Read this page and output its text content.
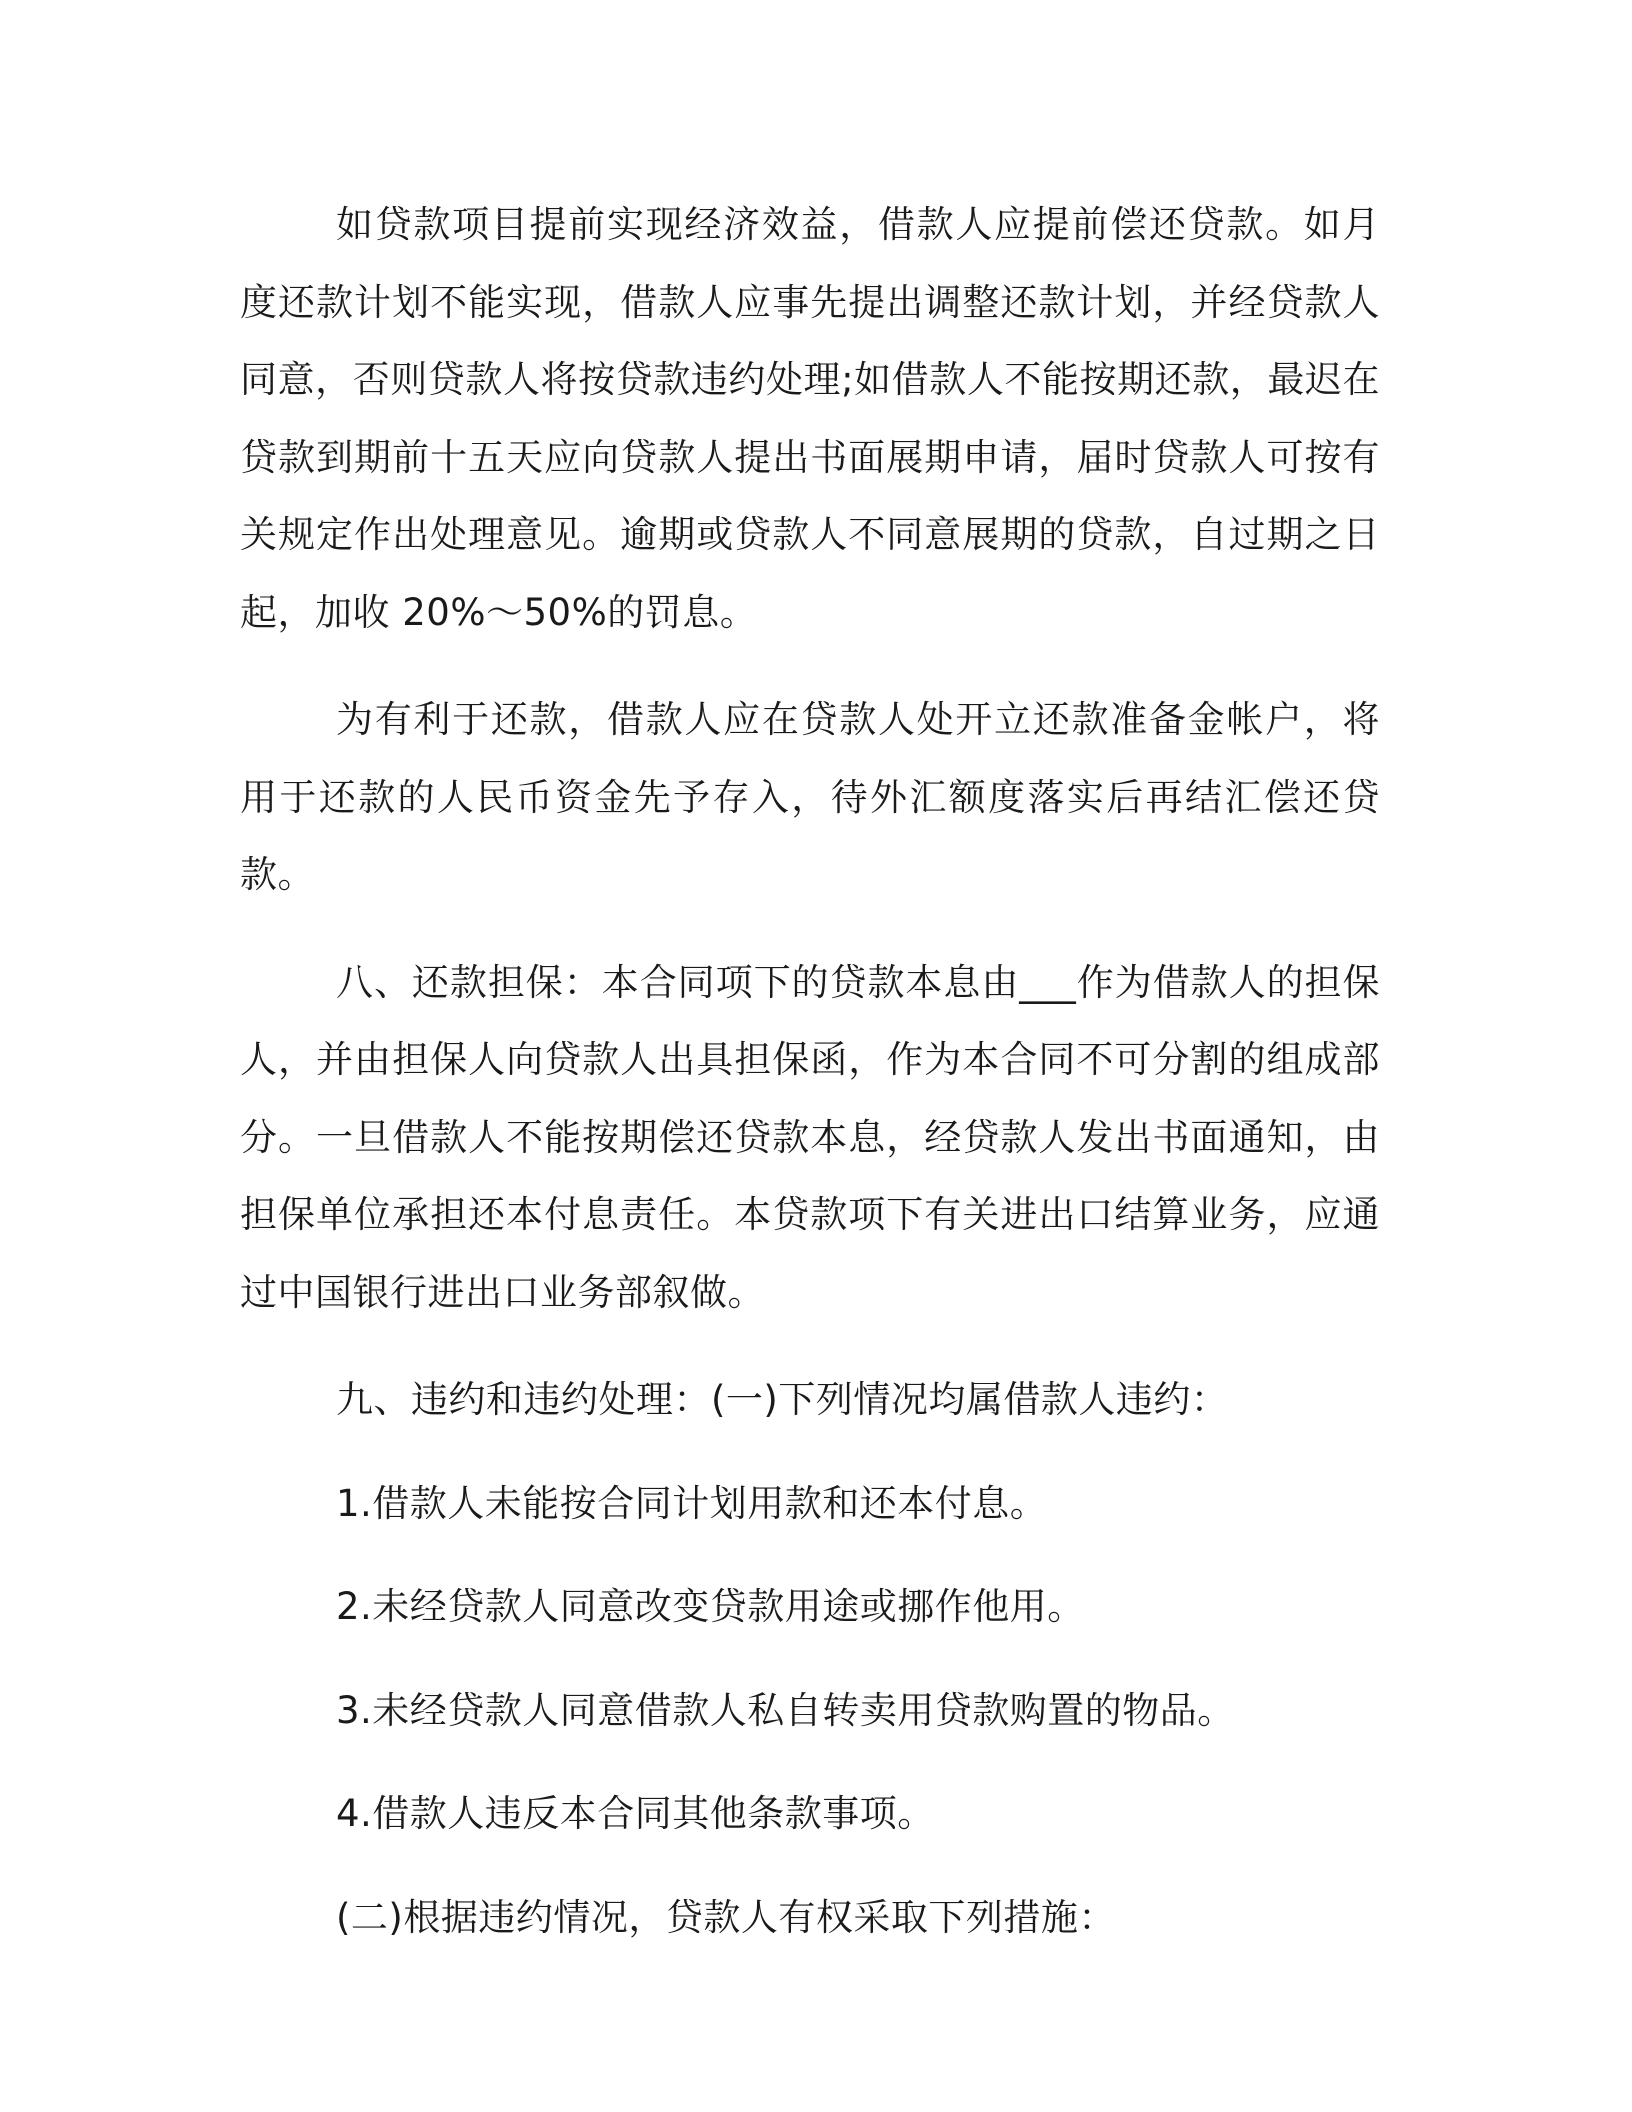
如贷款项目提前实现经济效益，借款人应提前偿还贷款。如月度还款计划不能实现，借款人应事先提出调整还款计划，并经贷款人同意，否则贷款人将按贷款违约处理;如借款人不能按期还款，最迟在贷款到期前十五天应向贷款人提出书面展期申请，届时贷款人可按有关规定作出处理意见。逾期或贷款人不同意展期的贷款，自过期之日起，加收 20%～50%的罚息。

为有利于还款，借款人应在贷款人处开立还款准备金帐户，将用于还款的人民币资金先予存入，待外汇额度落实后再结汇偿还贷款。

八、还款担保：本合同项下的贷款本息由___作为借款人的担保人，并由担保人向贷款人出具担保函，作为本合同不可分割的组成部分。一旦借款人不能按期偿还贷款本息，经贷款人发出书面通知，由担保单位承担还本付息责任。本贷款项下有关进出口结算业务，应通过中国银行进出口业务部叙做。

九、违约和违约处理：(一)下列情况均属借款人违约：

1.借款人未能按合同计划用款和还本付息。

2.未经贷款人同意改变贷款用途或挪作他用。

3.未经贷款人同意借款人私自转卖用贷款购置的物品。

4.借款人违反本合同其他条款事项。

(二)根据违约情况，贷款人有权采取下列措施：
